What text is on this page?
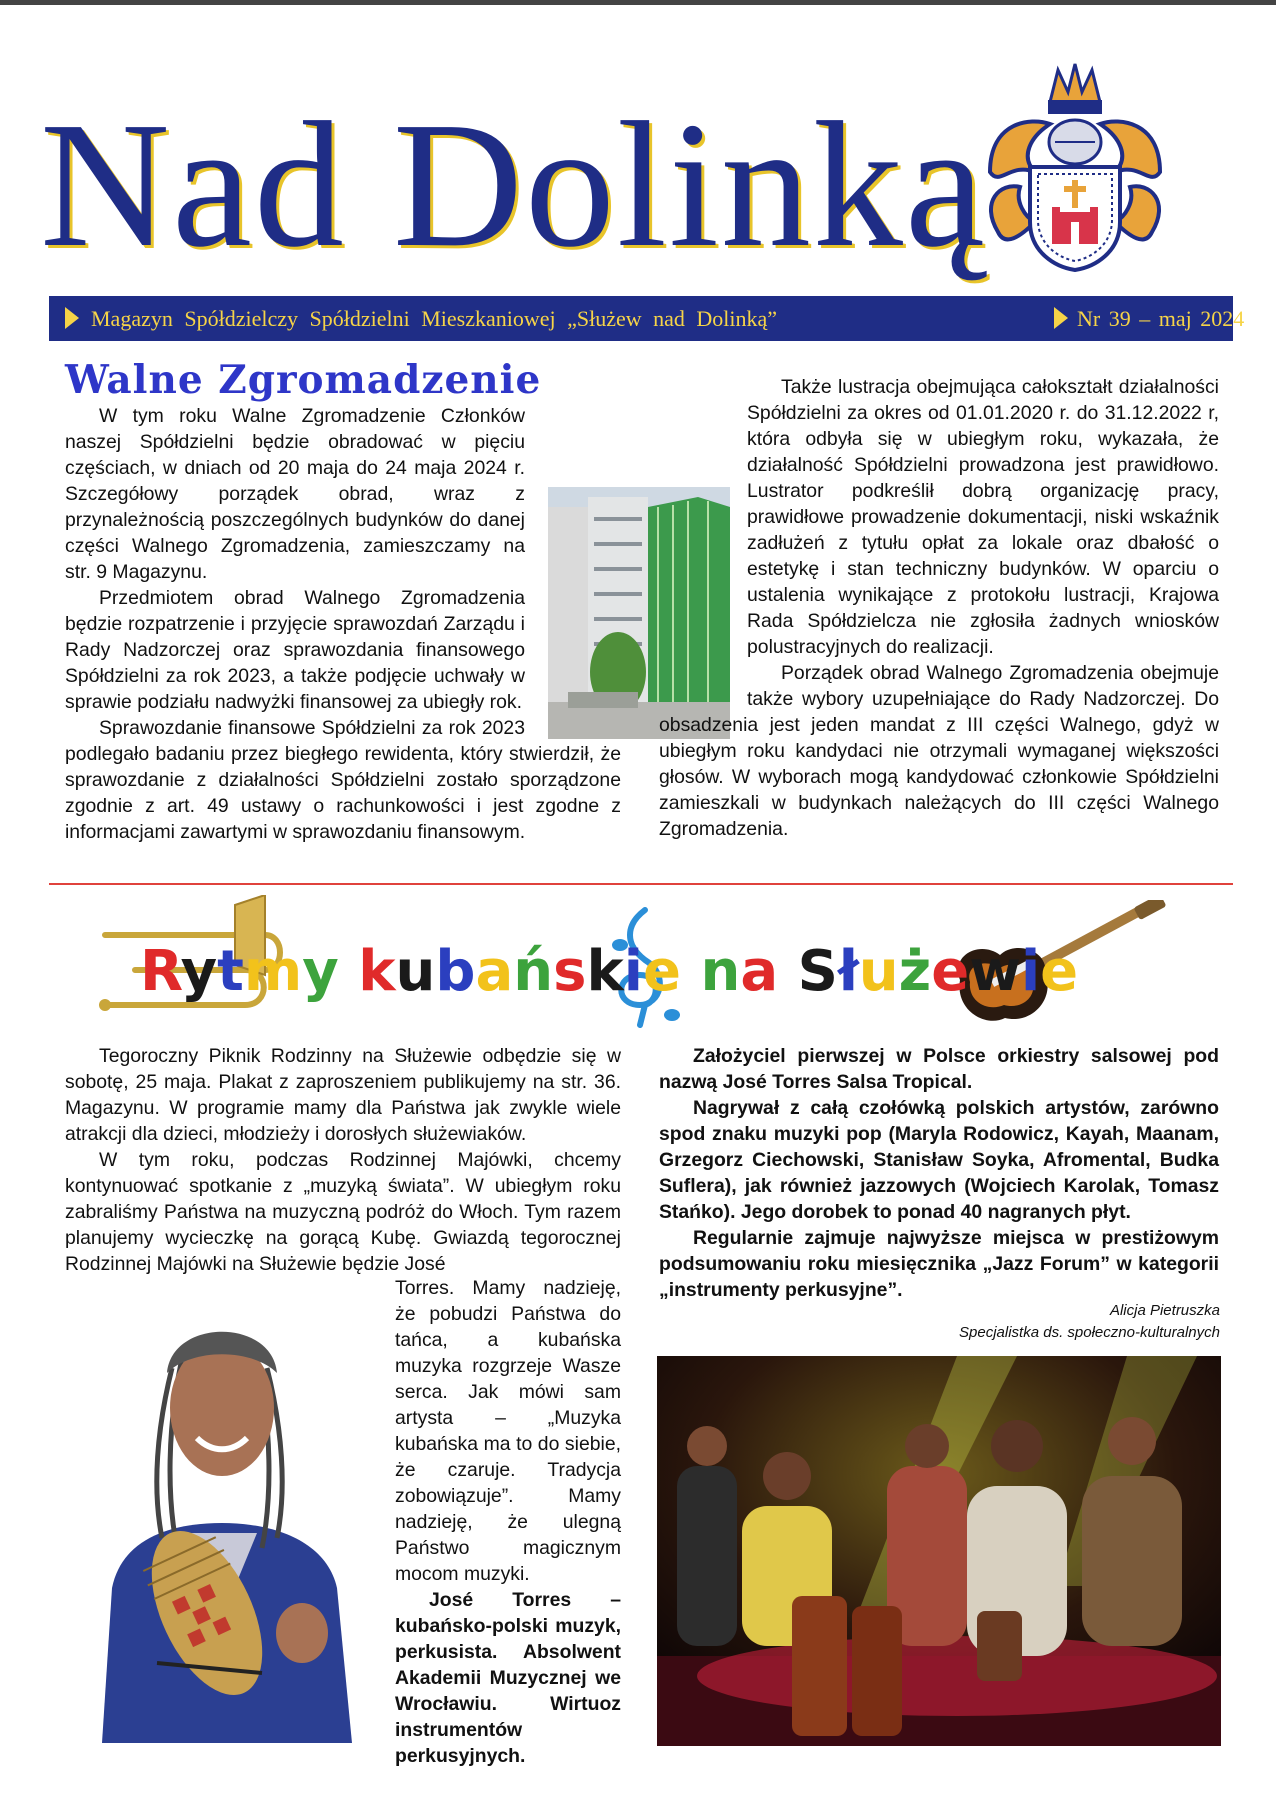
Nad Dolinką
Magazyn Spółdzielczy Spółdzielni Mieszkaniowej „Służew nad Dolinką”	Nr 39 – maj 2024
Walne Zgromadzenie

W tym roku Walne Zgromadzenie Członków naszej Spółdzielni będzie obradować w pięciu częściach, w dniach od 20 maja do 24 maja 2024 r. Szczegółowy porządek obrad, wraz z przynależnością poszczególnych budynków do danej części Walnego Zgromadzenia, zamieszczamy na str. 9 Magazynu.

Przedmiotem obrad Walnego Zgromadzenia będzie rozpatrzenie i przyjęcie sprawozdań Zarządu i Rady Nadzorczej oraz sprawozdania finansowego Spółdzielni za rok 2023, a także podjęcie uchwały w sprawie podziału nadwyżki finansowej za ubiegły rok.

Sprawozdanie finansowe Spółdzielni za rok 2023 podlegało badaniu przez biegłego rewidenta, który stwierdził, że sprawozdanie z działalności Spółdzielni zostało sporządzone zgodnie z art. 49 ustawy o rachunkowości i jest zgodne z informacjami zawartymi w sprawozdaniu finansowym.

Także lustracja obejmująca całokształt działalności Spółdzielni za okres od 01.01.2020 r. do 31.12.2022 r, która odbyła się w ubiegłym roku, wykazała, że działalność Spółdzielni prowadzona jest prawidłowo. Lustrator podkreślił dobrą organizację pracy, prawidłowe prowadzenie dokumentacji, niski wskaźnik zadłużeń z tytułu opłat za lokale oraz dbałość o estetykę i stan techniczny budynków. W oparciu o ustalenia wynikające z protokołu lustracji, Krajowa Rada Spółdzielcza nie zgłosiła żadnych wniosków polustracyjnych do realizacji.

Porządek obrad Walnego Zgromadzenia obejmuje także wybory uzupełniające do Rady Nadzorczej. Do obsadzenia jest jeden mandat z III części Walnego, gdyż w ubiegłym roku kandydaci nie otrzymali wymaganej większości głosów. W wyborach mogą kandydować członkowie Spółdzielni zamieszkali w budynkach należących do III części Walnego Zgromadzenia.

Rytmy kubańskie na Służewie

Tegoroczny Piknik Rodzinny na Służewie odbędzie się w sobotę, 25 maja. Plakat z zaproszeniem publikujemy na str. 36. Magazynu. W programie mamy dla Państwa jak zwykle wiele atrakcji dla dzieci, młodzieży i dorosłych służewiaków.

W tym roku, podczas Rodzinnej Majówki, chcemy kontynuować spotkanie z „muzyką świata”. W ubiegłym roku zabraliśmy Państwa na muzyczną podróż do Włoch. Tym razem planujemy wycieczkę na gorącą Kubę. Gwiazdą tegorocznej Rodzinnej Majówki na Służewie będzie José

Torres. Mamy nadzieję, że pobudzi Państwa do tańca, a kubańska muzyka rozgrzeje Wasze serca. Jak mówi sam artysta – „Muzyka kubańska ma to do siebie, że czaruje. Tradycja zobowiązuje”. Mamy nadzieję, że ulegną Państwo magicznym mocom muzyki.

José Torres – kubańsko-polski muzyk, perkusista. Absolwent Akademii Muzycznej we Wrocławiu. Wirtuoz instrumentów perkusyjnych.

Założyciel pierwszej w Polsce orkiestry salsowej pod nazwą José Torres Salsa Tropical.

Nagrywał z całą czołówką polskich artystów, zarówno spod znaku muzyki pop (Maryla Rodowicz, Kayah, Maanam, Grzegorz Ciechowski, Stanisław Soyka, Afromental, Budka Suflera), jak również jazzowych (Wojciech Karolak, Tomasz Stańko). Jego dorobek to ponad 40 nagranych płyt.

Regularnie zajmuje najwyższe miejsca w prestiżowym podsumowaniu roku miesięcznika „Jazz Forum” w kategorii „instrumenty perkusyjne”.

Alicja Pietruszka
Specjalistka ds. społeczno-kulturalnych
